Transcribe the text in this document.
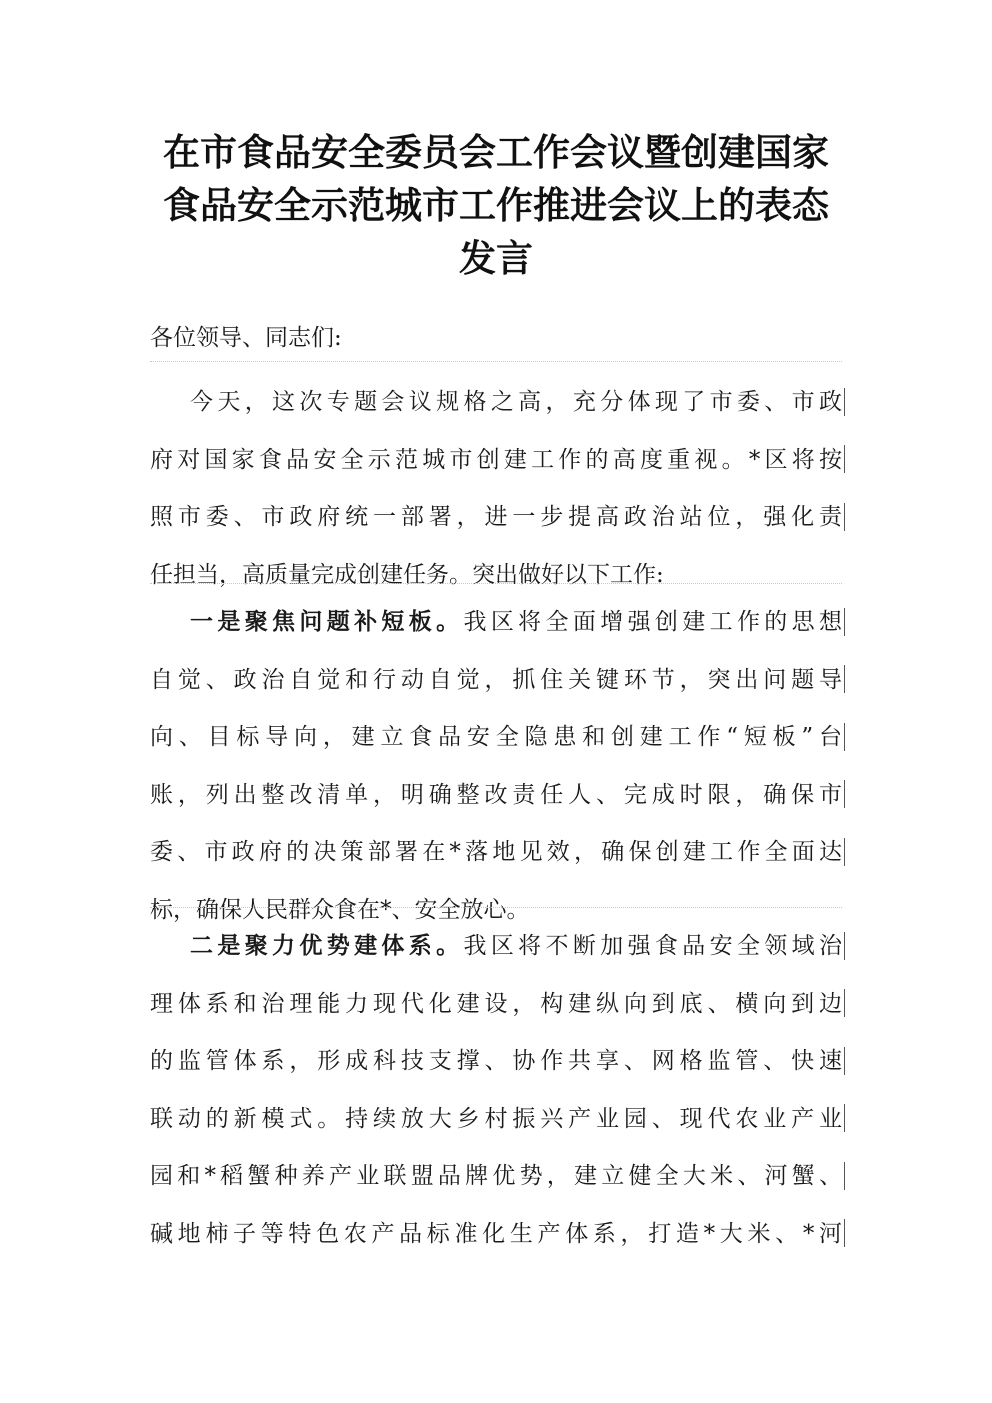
在市食品安全委员会工作会议暨创建国家
食品安全示范城市工作推进会议上的表态
发言
各位领导、同志们:
今天，这次专题会议规格之高，充分体现了市委、市政
府对国家食品安全示范城市创建工作的高度重视。*区将按
照市委、市政府统一部署，进一步提高政治站位，强化责
任担当，高质量完成创建任务。突出做好以下工作:
一是聚焦问题补短板。我区将全面增强创建工作的思想
自觉、政治自觉和行动自觉，抓住关键环节，突出问题导
向、目标导向，建立食品安全隐患和创建工作“短板”台
账，列出整改清单，明确整改责任人、完成时限，确保市
委、市政府的决策部署在*落地见效，确保创建工作全面达
标，确保人民群众食在*、安全放心。
二是聚力优势建体系。我区将不断加强食品安全领域治
理体系和治理能力现代化建设，构建纵向到底、横向到边
的监管体系，形成科技支撑、协作共享、网格监管、快速
联动的新模式。持续放大乡村振兴产业园、现代农业产业
园和*稻蟹种养产业联盟品牌优势，建立健全大米、河蟹、
碱地柿子等特色农产品标准化生产体系，打造*大米、*河
